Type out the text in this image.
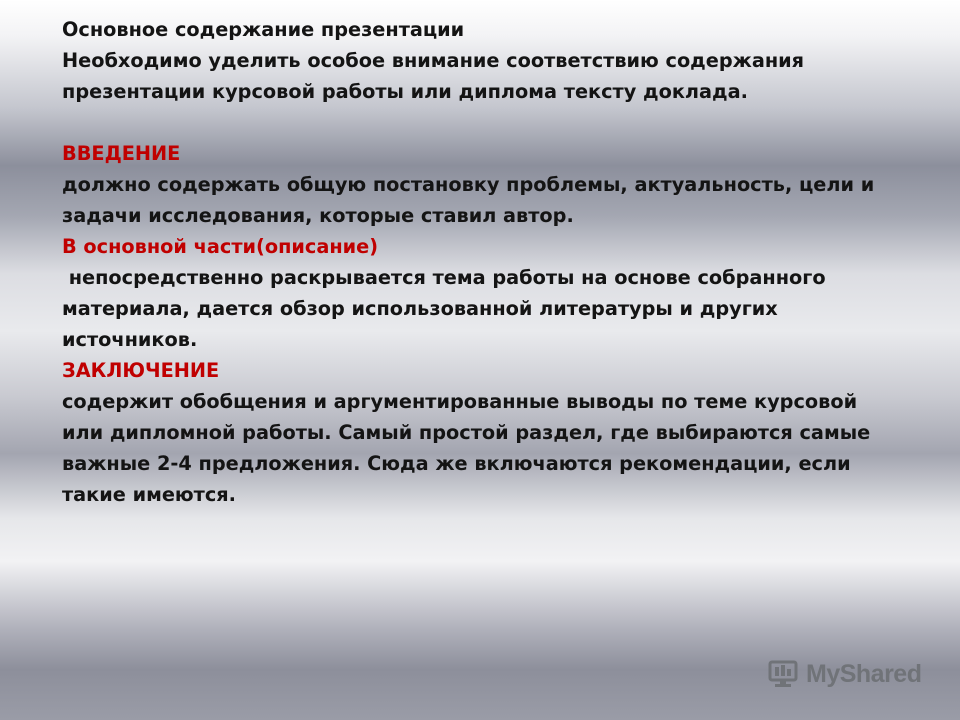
Основное содержание презентации
Необходимо уделить особое внимание соответствию содержания
презентации курсовой работы или диплома тексту доклада.
ВВЕДЕНИЕ
должно содержать общую постановку проблемы, актуальность, цели и
задачи исследования, которые ставил автор.
В основной части(описание)
непосредственно раскрывается тема работы на основе собранного
материала, дается обзор использованной литературы и других
источников.
ЗАКЛЮЧЕНИЕ
содержит обобщения и аргументированные выводы по теме курсовой
или дипломной работы. Самый простой раздел, где выбираются самые
важные 2-4 предложения. Сюда же включаются рекомендации, если
такие имеются.
MyShared
